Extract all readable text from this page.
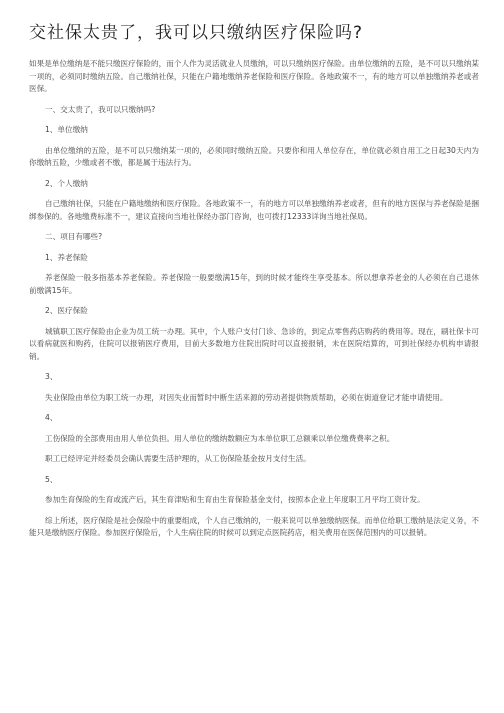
交社保太贵了，我可以只缴纳医疗保险吗?

如果是单位缴纳是不能只缴医疗保险的，而个人作为灵活就业人员缴纳，可以只缴纳医疗保险。由单位缴纳的五险，是不可以只缴纳某一项的，必须同时缴纳五险。自己缴纳社保，只能在户籍地缴纳养老保险和医疗保险。各地政策不一，有的地方可以单独缴纳养老或者医保。

一、交太贵了，我可以只缴纳吗?

1、单位缴纳

由单位缴纳的五险，是不可以只缴纳某一项的，必须同时缴纳五险。只要你和用人单位存在，单位就必须自用工之日起30天内为你缴纳五险，少缴或者不缴，都是属于违法行为。

2、个人缴纳

自己缴纳社保，只能在户籍地缴纳和医疗保险。各地政策不一，有的地方可以单独缴纳养老或者，但有的地方医保与养老保险是捆绑参保的。各地缴费标准不一，建议直接向当地社保经办部门咨询，也可拨打12333详询当地社保局。

二、项目有哪些?

1、养老保险

养老保险一般多指基本养老保险。养老保险一般要缴满15年，到的时候才能终生享受基本。所以想拿养老金的人必须在自己退休前缴满15年。

2、医疗保险

城镇职工医疗保险由企业为员工统一办理。其中，个人账户支付门诊、急诊的，到定点零售药店购药的费用等。现在，刷社保卡可以看病就医和购药，住院可以报销医疗费用，目前大多数地方住院出院时可以直接报销，未在医院结算的，可到社保经办机构申请报销。

3、

失业保险由单位为职工统一办理，对因失业而暂时中断生活来源的劳动者提供物质帮助，必须在街道登记才能申请使用。

4、

工伤保险的全部费用由用人单位负担。用人单位的缴纳数额应为本单位职工总额乘以单位缴费费率之积。

职工已经评定并经委员会确认需要生活护理的，从工伤保险基金按月支付生活。

5、

参加生育保险的生育或流产后，其生育津贴和生育由生育保险基金支付，按照本企业上年度职工月平均工资计发。

综上所述，医疗保险是社会保险中的重要组成，个人自己缴纳的，一般来说可以单独缴纳医保。而单位给职工缴纳是法定义务，不能只是缴纳医疗保险。参加医疗保险后，个人生病住院的时候可以到定点医院药店，相关费用在医保范围内的可以报销。
